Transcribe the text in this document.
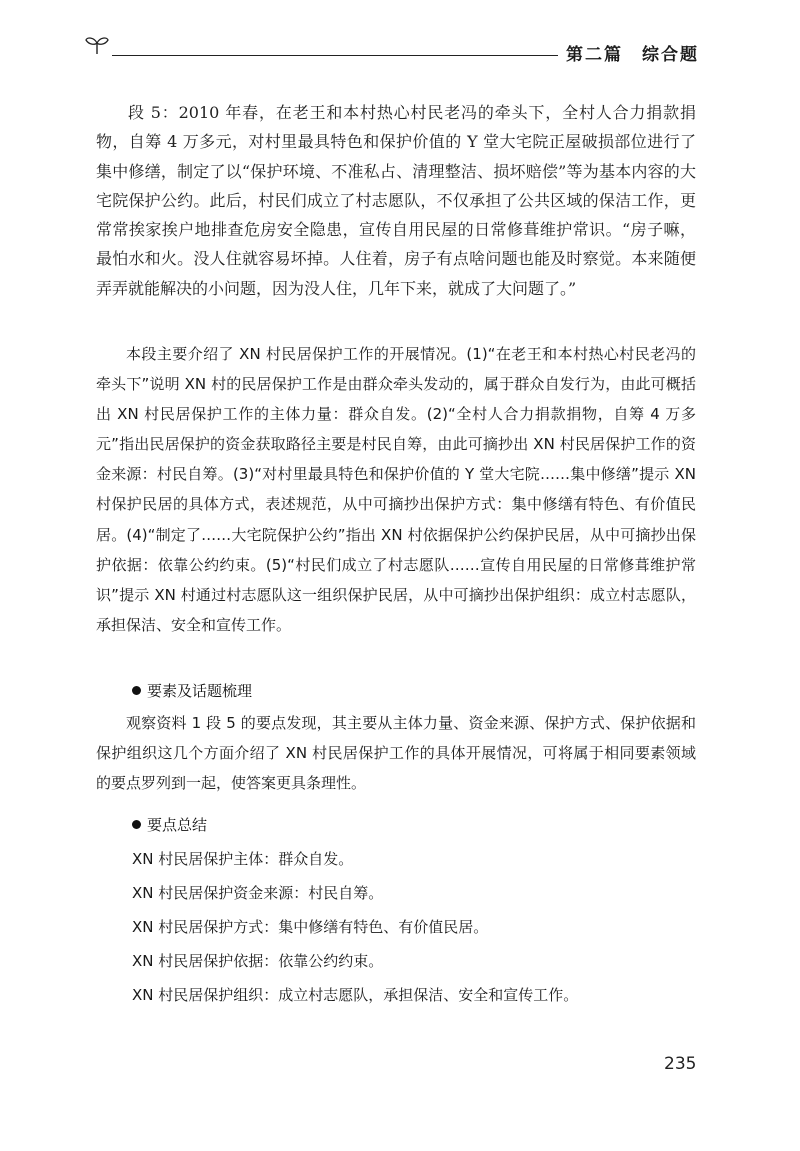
第二篇　综合题
段 5：2010 年春，在老王和本村热心村民老冯的牵头下，全村人合力捐款捐物，自筹 4 万多元，对村里最具特色和保护价值的 Y 堂大宅院正屋破损部位进行了集中修缮，制定了以“保护环境、不准私占、清理整洁、损坏赔偿”等为基本内容的大宅院保护公约。此后，村民们成立了村志愿队，不仅承担了公共区域的保洁工作，更常常挨家挨户地排查危房安全隐患，宣传自用民屋的日常修葺维护常识。“房子嘛，最怕水和火。没人住就容易坏掉。人住着，房子有点啥问题也能及时察觉。本来随便弄弄就能解决的小问题，因为没人住，几年下来，就成了大问题了。”
本段主要介绍了 XN 村民居保护工作的开展情况。(1)“在老王和本村热心村民老冯的牵头下”说明 XN 村的民居保护工作是由群众牵头发动的，属于群众自发行为，由此可概括出 XN 村民居保护工作的主体力量：群众自发。(2)“全村人合力捐款捐物，自筹 4 万多元”指出民居保护的资金获取路径主要是村民自筹，由此可摘抄出 XN 村民居保护工作的资金来源：村民自筹。(3)“对村里最具特色和保护价值的 Y 堂大宅院……集中修缮”提示 XN 村保护民居的具体方式，表述规范，从中可摘抄出保护方式：集中修缮有特色、有价值民居。(4)“制定了……大宅院保护公约”指出 XN 村依据保护公约保护民居，从中可摘抄出保护依据：依靠公约约束。(5)“村民们成立了村志愿队……宣传自用民屋的日常修葺维护常识”提示 XN 村通过村志愿队这一组织保护民居，从中可摘抄出保护组织：成立村志愿队，承担保洁、安全和宣传工作。
要素及话题梳理
观察资料 1 段 5 的要点发现，其主要从主体力量、资金来源、保护方式、保护依据和保护组织这几个方面介绍了 XN 村民居保护工作的具体开展情况，可将属于相同要素领域的要点罗列到一起，使答案更具条理性。
要点总结
XN 村民居保护主体：群众自发。
XN 村民居保护资金来源：村民自筹。
XN 村民居保护方式：集中修缮有特色、有价值民居。
XN 村民居保护依据：依靠公约约束。
XN 村民居保护组织：成立村志愿队，承担保洁、安全和宣传工作。
235
